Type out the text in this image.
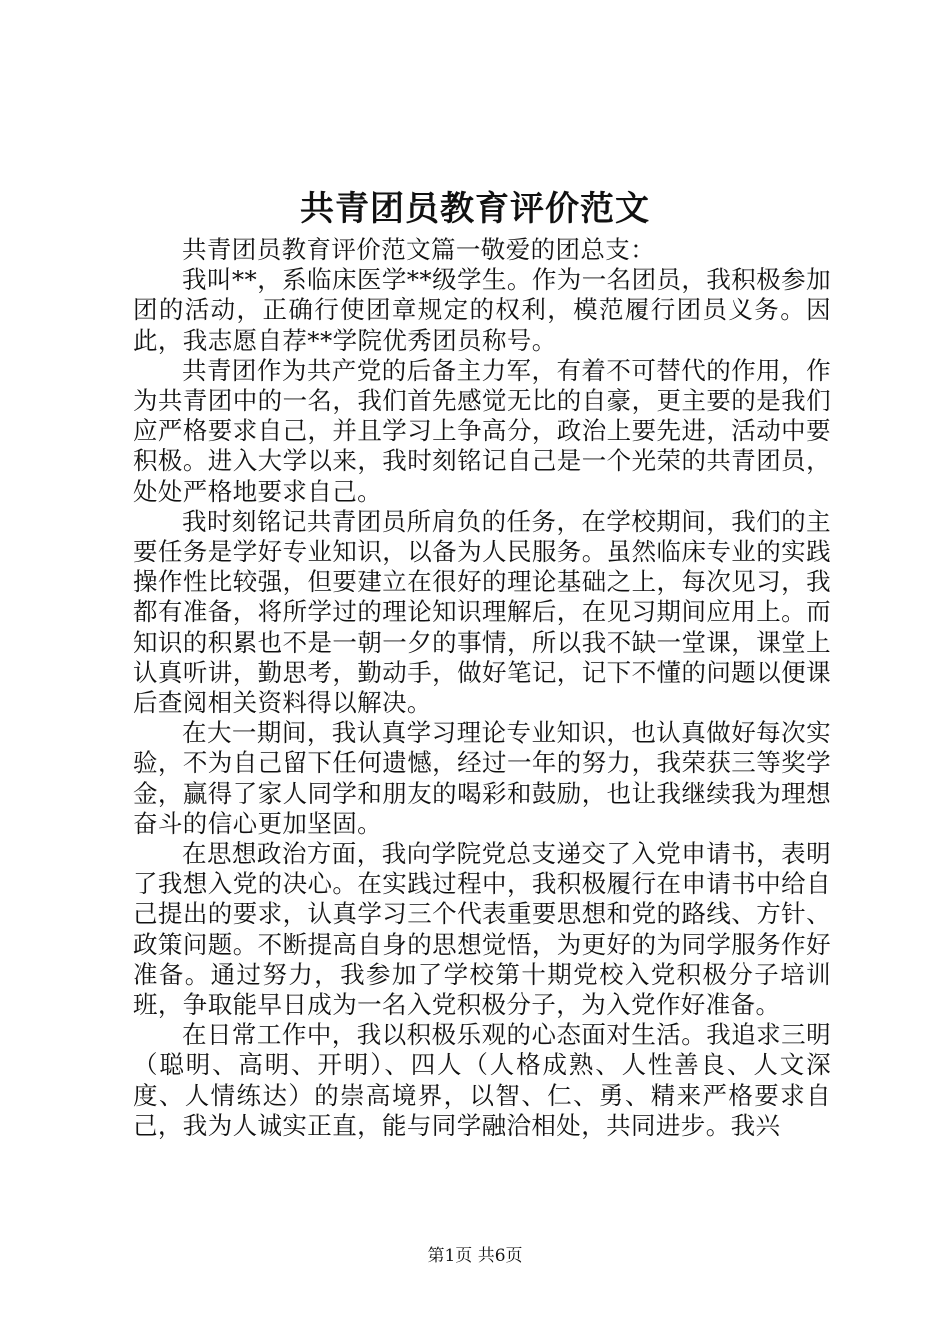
共青团员教育评价范文

共青团员教育评价范文篇一敬爱的团总支：

我叫**，系临床医学**级学生。作为一名团员，我积极参加团的活动，正确行使团章规定的权利，模范履行团员义务。因此，我志愿自荐**学院优秀团员称号。

共青团作为共产党的后备主力军，有着不可替代的作用，作为共青团中的一名，我们首先感觉无比的自豪，更主要的是我们应严格要求自己，并且学习上争高分，政治上要先进，活动中要积极。进入大学以来，我时刻铭记自己是一个光荣的共青团员，处处严格地要求自己。

我时刻铭记共青团员所肩负的任务，在学校期间，我们的主要任务是学好专业知识，以备为人民服务。虽然临床专业的实践操作性比较强，但要建立在很好的理论基础之上，每次见习，我都有准备，将所学过的理论知识理解后，在见习期间应用上。而知识的积累也不是一朝一夕的事情，所以我不缺一堂课，课堂上认真听讲，勤思考，勤动手，做好笔记，记下不懂的问题以便课后查阅相关资料得以解决。

在大一期间，我认真学习理论专业知识，也认真做好每次实验，不为自己留下任何遗憾，经过一年的努力，我荣获三等奖学金，赢得了家人同学和朋友的喝彩和鼓励，也让我继续我为理想奋斗的信心更加坚固。

在思想政治方面，我向学院党总支递交了入党申请书，表明了我想入党的决心。在实践过程中，我积极履行在申请书中给自己提出的要求，认真学习三个代表重要思想和党的路线、方针、政策问题。不断提高自身的思想觉悟，为更好的为同学服务作好准备。通过努力，我参加了学校第十期党校入党积极分子培训班，争取能早日成为一名入党积极分子，为入党作好准备。

在日常工作中，我以积极乐观的心态面对生活。我追求三明（聪明、高明、开明）、四人（人格成熟、人性善良、人文深度、人情练达）的崇高境界，以智、仁、勇、精来严格要求自己，我为人诚实正直，能与同学融洽相处，共同进步。我兴

第1页 共6页
